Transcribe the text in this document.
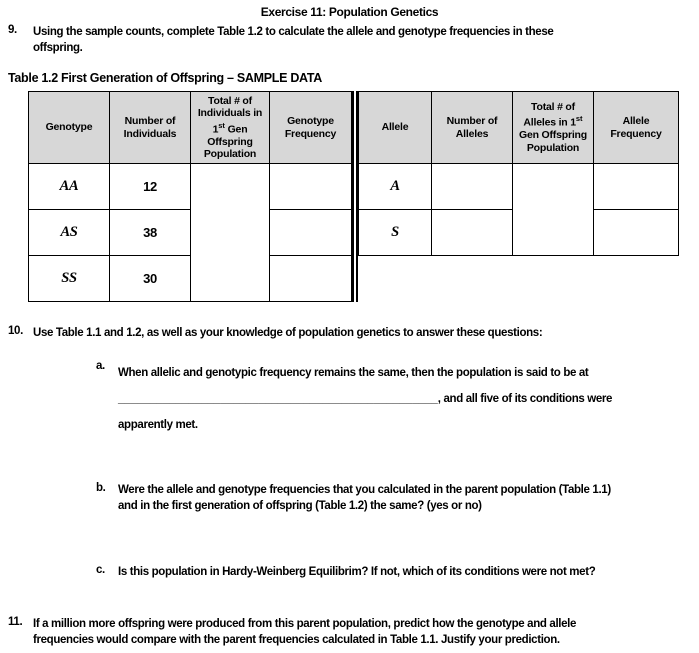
Exercise 11: Population Genetics
9.	Using the sample counts, complete Table 1.2 to calculate the allele and genotype frequencies in these
offspring.
Table 1.2 First Generation of Offspring – SAMPLE DATA
Genotype	Number of Individuals	Total # of Individuals in 1st Gen Offspring Population	Genotype Frequency
AA	12		
AS	38		
SS	30		
Allele	Number of Alleles	Total # of Alleles in 1st Gen Offspring Population	Allele Frequency
A			
S			
10. Use Table 1.1 and 1.2, as well as your knowledge of population genetics to answer these questions:
a.
When allelic and genotypic frequency remains the same, then the population is said to be at
__________________________________________________, and all five of its conditions were
apparently met.
b.	Were the allele and genotype frequencies that you calculated in the parent population (Table 1.1)
and in the first generation of offspring (Table 1.2) the same? (yes or no)
c.	Is this population in Hardy-Weinberg Equilibrim? If not, which of its conditions were not met?
11. If a million more offspring were produced from this parent population, predict how the genotype and allele
frequencies would compare with the parent frequencies calculated in Table 1.1. Justify your prediction.
